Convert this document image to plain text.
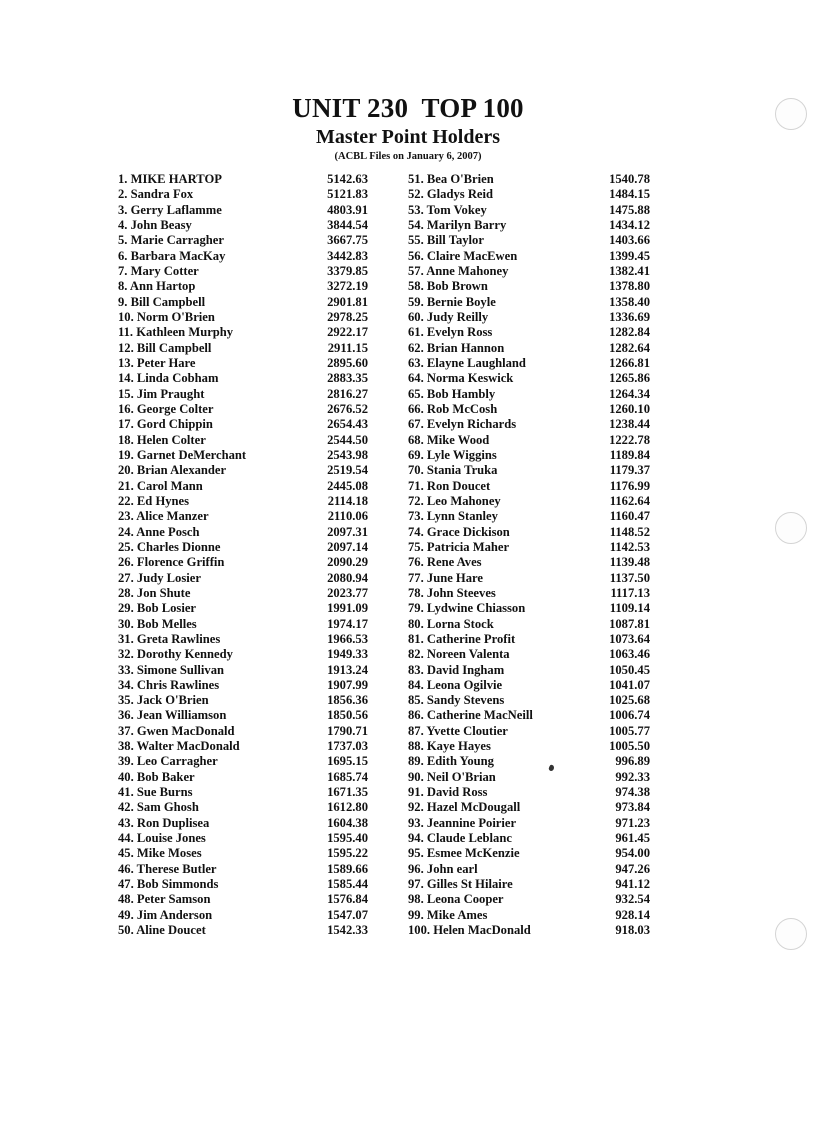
UNIT 230  TOP 100
Master Point Holders
(ACBL Files on January 6, 2007)
1. MIKE HARTOP	5142.63
2. Sandra Fox	5121.83
3. Gerry Laflamme	4803.91
4. John Beasy	3844.54
5. Marie Carragher	3667.75
6. Barbara MacKay	3442.83
7. Mary Cotter	3379.85
8. Ann Hartop	3272.19
9. Bill Campbell	2901.81
10. Norm O'Brien	2978.25
11. Kathleen Murphy	2922.17
12. Bill Campbell	2911.15
13. Peter Hare	2895.60
14. Linda Cobham	2883.35
15. Jim Praught	2816.27
16. George Colter	2676.52
17. Gord Chippin	2654.43
18. Helen Colter	2544.50
19. Garnet DeMerchant	2543.98
20. Brian Alexander	2519.54
21. Carol Mann	2445.08
22. Ed Hynes	2114.18
23. Alice Manzer	2110.06
24. Anne Posch	2097.31
25. Charles Dionne	2097.14
26. Florence Griffin	2090.29
27. Judy Losier	2080.94
28. Jon Shute	2023.77
29. Bob Losier	1991.09
30. Bob Melles	1974.17
31. Greta Rawlines	1966.53
32. Dorothy Kennedy	1949.33
33. Simone Sullivan	1913.24
34. Chris Rawlines	1907.99
35. Jack O'Brien	1856.36
36. Jean Williamson	1850.56
37. Gwen MacDonald	1790.71
38. Walter MacDonald	1737.03
39. Leo Carragher	1695.15
40. Bob Baker	1685.74
41. Sue Burns	1671.35
42. Sam Ghosh	1612.80
43. Ron Duplisea	1604.38
44. Louise Jones	1595.40
45. Mike Moses	1595.22
46. Therese Butler	1589.66
47. Bob Simmonds	1585.44
48. Peter Samson	1576.84
49. Jim Anderson	1547.07
50. Aline Doucet	1542.33
51. Bea O'Brien	1540.78
52. Gladys Reid	1484.15
53. Tom Vokey	1475.88
54. Marilyn Barry	1434.12
55. Bill Taylor	1403.66
56. Claire MacEwen	1399.45
57. Anne Mahoney	1382.41
58. Bob Brown	1378.80
59. Bernie Boyle	1358.40
60. Judy Reilly	1336.69
61. Evelyn Ross	1282.84
62. Brian Hannon	1282.64
63. Elayne Laughland	1266.81
64. Norma Keswick	1265.86
65. Bob Hambly	1264.34
66. Rob McCosh	1260.10
67. Evelyn Richards	1238.44
68. Mike Wood	1222.78
69. Lyle Wiggins	1189.84
70. Stania Truka	1179.37
71. Ron Doucet	1176.99
72. Leo Mahoney	1162.64
73. Lynn Stanley	1160.47
74. Grace Dickison	1148.52
75. Patricia Maher	1142.53
76. Rene Aves	1139.48
77. June Hare	1137.50
78. John Steeves	1117.13
79. Lydwine Chiasson	1109.14
80. Lorna Stock	1087.81
81. Catherine Profit	1073.64
82. Noreen Valenta	1063.46
83. David Ingham	1050.45
84. Leona Ogilvie	1041.07
85. Sandy Stevens	1025.68
86. Catherine MacNeill	1006.74
87. Yvette Cloutier	1005.77
88. Kaye Hayes	1005.50
89. Edith Young	996.89
90. Neil O'Brian	992.33
91. David Ross	974.38
92. Hazel McDougall	973.84
93. Jeannine Poirier	971.23
94. Claude Leblanc	961.45
95. Esmee McKenzie	954.00
96. John earl	947.26
97. Gilles St Hilaire	941.12
98. Leona Cooper	932.54
99. Mike Ames	928.14
100. Helen MacDonald	918.03
